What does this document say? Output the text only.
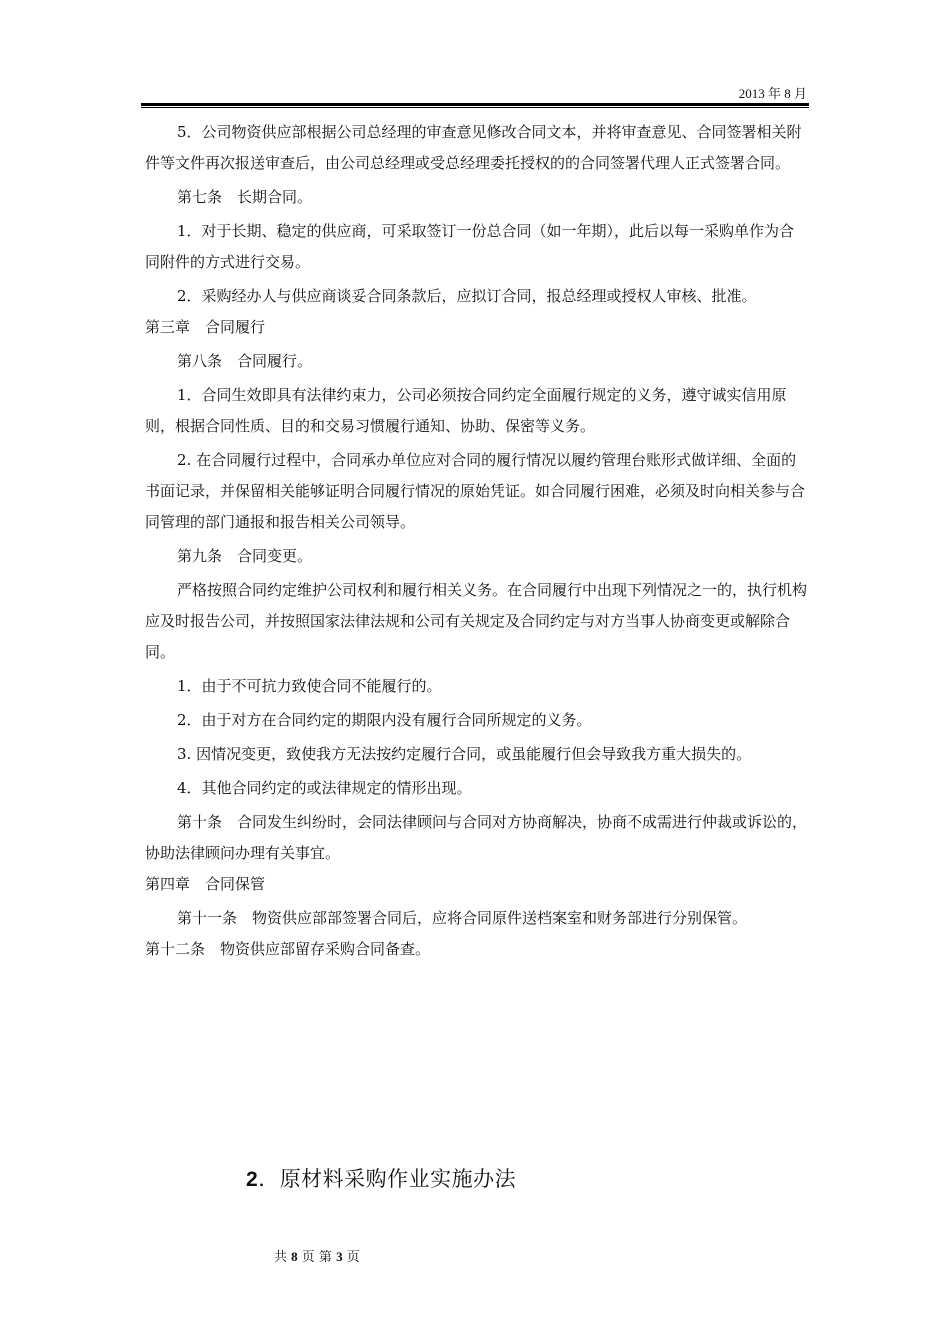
2013 年 8 月

5．公司物资供应部根据公司总经理的审查意见修改合同文本，并将审查意见、合同签署相关附件等文件再次报送审查后，由公司总经理或受总经理委托授权的的合同签署代理人正式签署合同。

第七条　长期合同。

1．对于长期、稳定的供应商，可采取签订一份总合同（如一年期），此后以每一采购单作为合同附件的方式进行交易。

2．采购经办人与供应商谈妥合同条款后，应拟订合同，报总经理或授权人审核、批准。

第三章　合同履行

第八条　合同履行。

1．合同生效即具有法律约束力，公司必须按合同约定全面履行规定的义务，遵守诚实信用原则，根据合同性质、目的和交易习惯履行通知、协助、保密等义务。

2. 在合同履行过程中，合同承办单位应对合同的履行情况以履约管理台账形式做详细、全面的书面记录，并保留相关能够证明合同履行情况的原始凭证。如合同履行困难，必须及时向相关参与合同管理的部门通报和报告相关公司领导。

第九条　合同变更。

严格按照合同约定维护公司权利和履行相关义务。在合同履行中出现下列情况之一的，执行机构应及时报告公司，并按照国家法律法规和公司有关规定及合同约定与对方当事人协商变更或解除合同。

1．由于不可抗力致使合同不能履行的。

2．由于对方在合同约定的期限内没有履行合同所规定的义务。

3. 因情况变更，致使我方无法按约定履行合同，或虽能履行但会导致我方重大损失的。

4．其他合同约定的或法律规定的情形出现。

第十条　合同发生纠纷时，会同法律顾问与合同对方协商解决，协商不成需进行仲裁或诉讼的，协助法律顾问办理有关事宜。

第四章　合同保管

第十一条　物资供应部部签署合同后，应将合同原件送档案室和财务部进行分别保管。

第十二条　物资供应部留存采购合同备查。

2．原材料采购作业实施办法
共 8 页 第 3 页
